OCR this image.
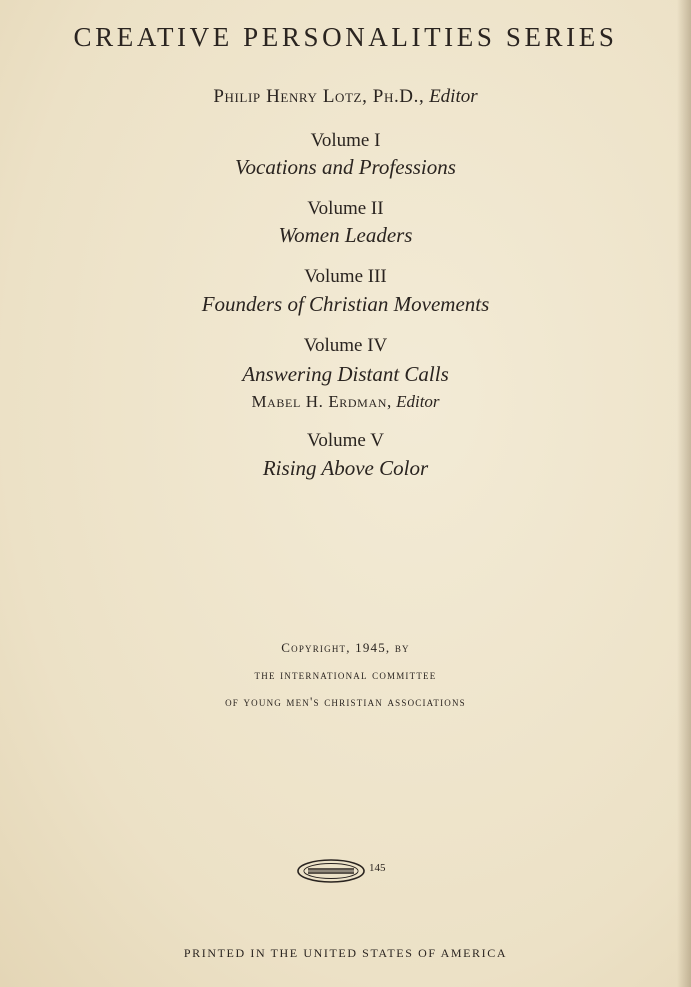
CREATIVE PERSONALITIES SERIES
Philip Henry Lotz, Ph.D., Editor
Volume I
Vocations and Professions
Volume II
Women Leaders
Volume III
Founders of Christian Movements
Volume IV
Answering Distant Calls
Mabel H. Erdman, Editor
Volume V
Rising Above Color
Copyright, 1945, by
the international committee
of young men's christian associations
145
PRINTED IN THE UNITED STATES OF AMERICA
